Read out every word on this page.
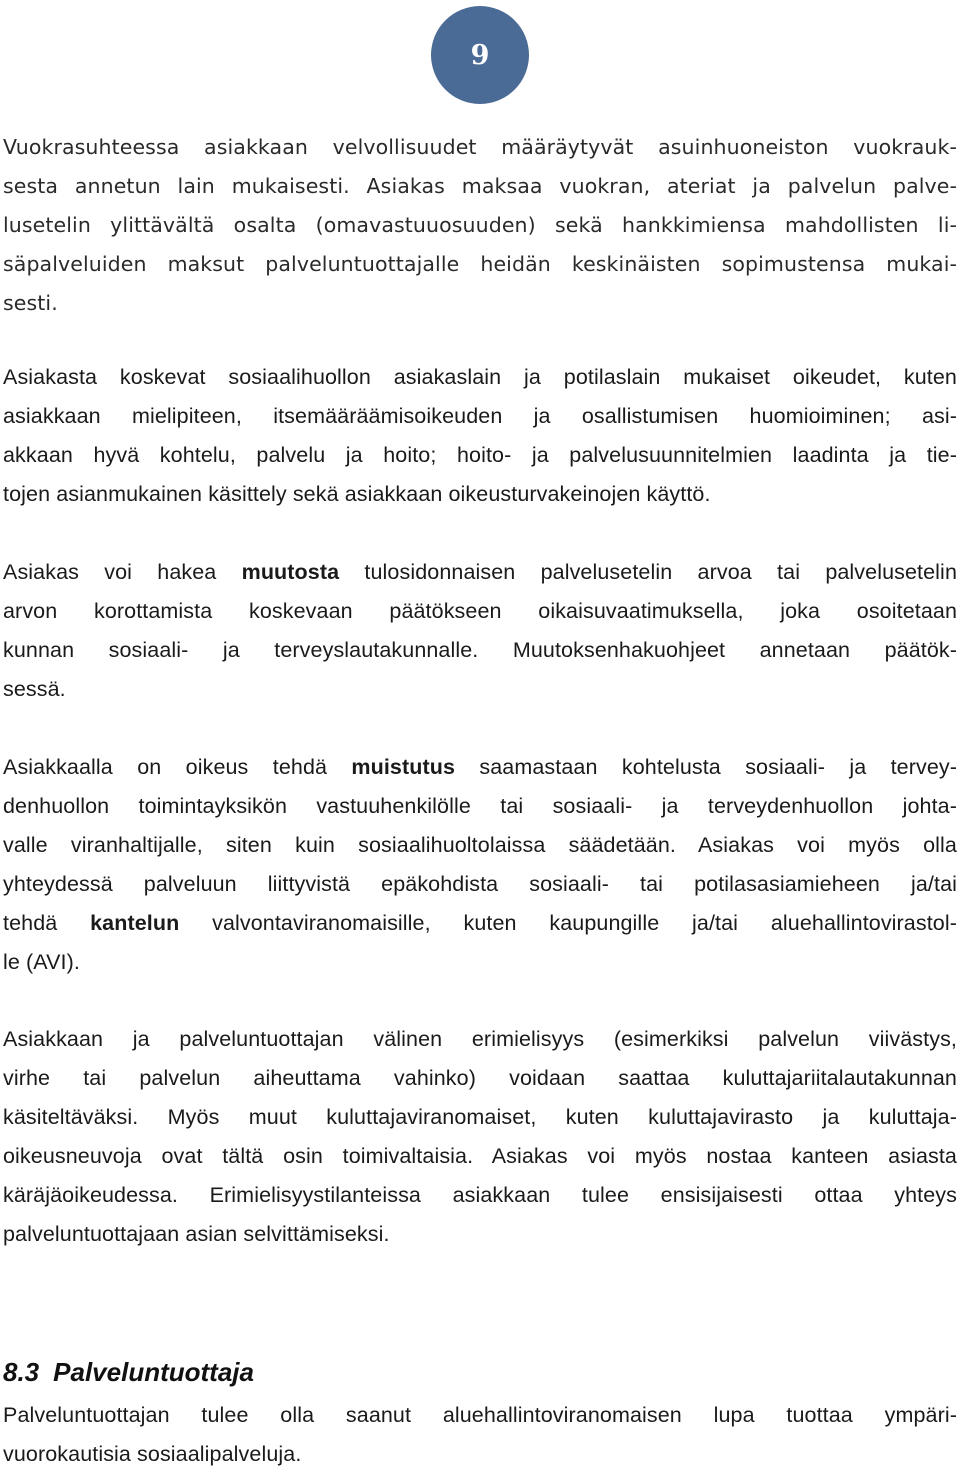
9
Vuokrasuhteessa asiakkaan velvollisuudet määräytyvät asuinhuoneiston vuokrauk-
sesta annetun lain mukaisesti. Asiakas maksaa vuokran, ateriat ja palvelun palve-
lusetelin ylittävältä osalta (omavastuuosuuden) sekä hankkimiensa mahdollisten li-
säpalveluiden maksut palveluntuottajalle heidän keskinäisten sopimustensa mukai-
sesti.
Asiakasta koskevat sosiaalihuollon asiakaslain ja potilaslain mukaiset oikeudet, kuten
asiakkaan mielipiteen, itsemääräämisoikeuden ja osallistumisen huomioiminen; asi-
akkaan hyvä kohtelu, palvelu ja hoito; hoito- ja palvelusuunnitelmien laadinta ja tie-
tojen asianmukainen käsittely sekä asiakkaan oikeusturvakeinojen käyttö.
Asiakas voi hakea muutosta tulosidonnaisen palvelusetelin arvoa tai palvelusetelin
arvon korottamista koskevaan päätökseen oikaisuvaatimuksella, joka osoitetaan
kunnan sosiaali- ja terveyslautakunnalle. Muutoksenhakuohjeet annetaan päätök-
sessä.
Asiakkaalla on oikeus tehdä muistutus saamastaan kohtelusta sosiaali- ja tervey-
denhuollon toimintayksikön vastuuhenkilölle tai sosiaali- ja terveydenhuollon johta-
valle viranhaltijalle, siten kuin sosiaalihuoltolaissa säädetään. Asiakas voi myös olla
yhteydessä palveluun liittyvistä epäkohdista sosiaali- tai potilasasiamieheen ja/tai
tehdä kantelun valvontaviranomaisille, kuten kaupungille ja/tai aluehallintovirastol-
le (AVI).
Asiakkaan ja palveluntuottajan välinen erimielisyys (esimerkiksi palvelun viivästys,
virhe tai palvelun aiheuttama vahinko) voidaan saattaa kuluttajariitalautakunnan
käsiteltäväksi. Myös muut kuluttajaviranomaiset, kuten kuluttajavirasto ja kuluttaja-
oikeusneuvoja ovat tältä osin toimivaltaisia. Asiakas voi myös nostaa kanteen asiasta
käräjäoikeudessa. Erimielisyystilanteissa asiakkaan tulee ensisijaisesti ottaa yhteys
palveluntuottajaan asian selvittämiseksi.
8.3 Palveluntuottaja
Palveluntuottajan tulee olla saanut aluehallintoviranomaisen lupa tuottaa ympäri-
vuorokautisia sosiaalipalveluja.
